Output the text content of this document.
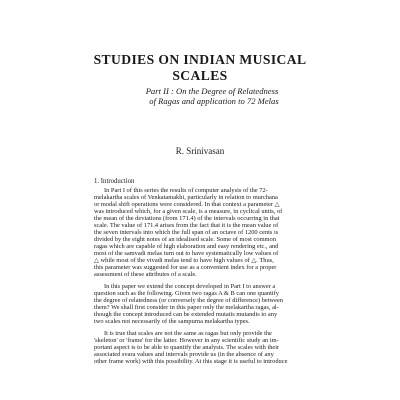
STUDIES ON INDIAN MUSICAL
SCALES

Part II : On the Degree of Relatedness

of Ragas and application to 72 Melas

R. Srinivasan

1. Introduction

In Part I of this series the results of computer analysis of the 72-
melakartha scales of Venkatamakhi, particularly in relation to murchana
or modal shift operations were considered. In that context a parameter △
was introduced which, for a given scale, is a measure, in cyclical units, of
the mean of the deviations (from 171.4) of the intervals occurring in that
scale. The value of 171.4 arises from the fact that it is the mean value of
the seven intervals into which the full span of an octave of 1200 cents is
divided by the eight notes of an idealised scale. Some of most common
ragas which are capable of high elaboration and easy rendering etc., and
most of the samvadi melas turn out to have systematically low values of
△ while most of the vivadi melas tend to have high values of △. Thus,
this parameter was suggested for use as a convenient index for a proper
assessment of these attributes of a scale.
In this paper we extend the concept developed in Part I to answer a
question such as the following. Given two ragas A & B can one quantify
the degree of relatedness (or conversely the degree of difference) between
them? We shall first consider in this paper only the melakartha ragas, al-
though the concept introduced can be extended mutatis mutandis to any
two scales not necessarily of the sampurna melakartha types.
It is true that scales are not the same as ragas but only provide the
'skeleton' or 'frame' for the latter. However in any scientific study an im-
portant aspect is to be able to quantify the analysis. The scales with their
associated svara values and intervals provide us (in the absence of any
other frame work) with this possibility. At this stage it is useful to introduce
